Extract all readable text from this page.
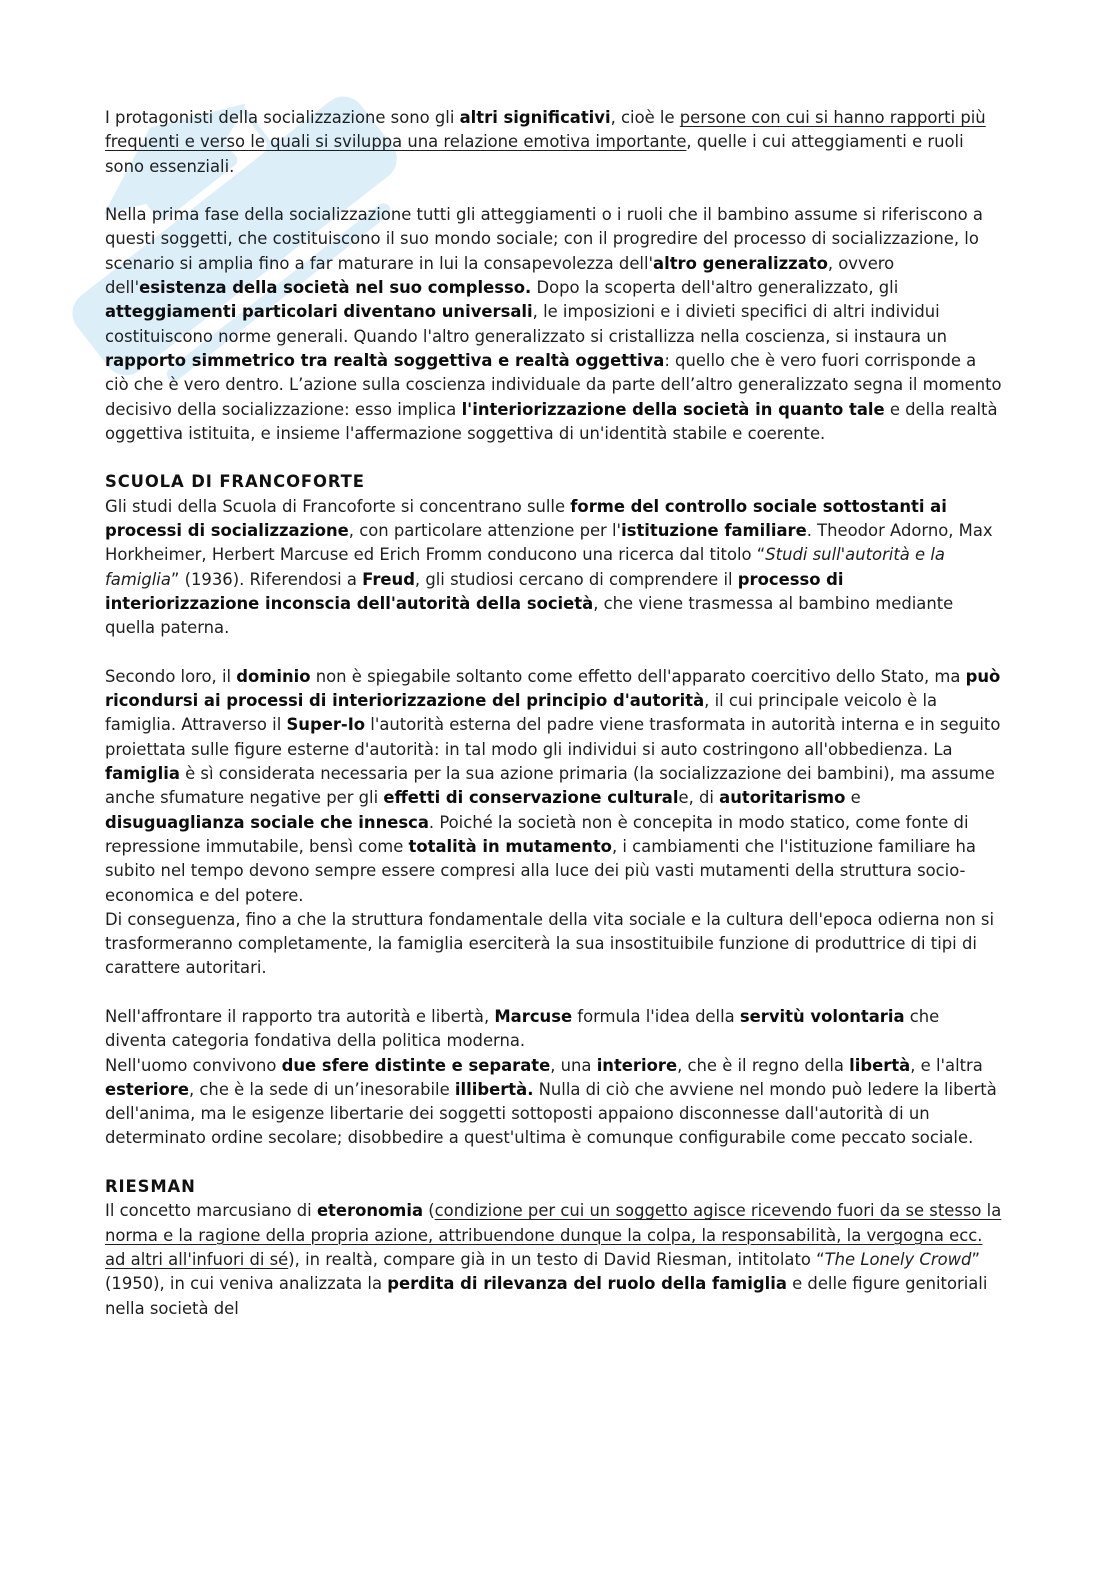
I protagonisti della socializzazione sono gli altri significativi, cioè le persone con cui si hanno rapporti più frequenti e verso le quali si sviluppa una relazione emotiva importante, quelle i cui atteggiamenti e ruoli sono essenziali.

Nella prima fase della socializzazione tutti gli atteggiamenti o i ruoli che il bambino assume si riferiscono a questi soggetti, che costituiscono il suo mondo sociale; con il progredire del processo di socializzazione, lo scenario si amplia fino a far maturare in lui la consapevolezza dell'altro generalizzato, ovvero dell'esistenza della società nel suo complesso. Dopo la scoperta dell'altro generalizzato, gli atteggiamenti particolari diventano universali, le imposizioni e i divieti specifici di altri individui costituiscono norme generali. Quando l'altro generalizzato si cristallizza nella coscienza, si instaura un rapporto simmetrico tra realtà soggettiva e realtà oggettiva: quello che è vero fuori corrisponde a ciò che è vero dentro. L’azione sulla coscienza individuale da parte dell’altro generalizzato segna il momento decisivo della socializzazione: esso implica l'interiorizzazione della società in quanto tale e della realtà oggettiva istituita, e insieme l'affermazione soggettiva di un'identità stabile e coerente.

SCUOLA DI FRANCOFORTE

Gli studi della Scuola di Francoforte si concentrano sulle forme del controllo sociale sottostanti ai processi di socializzazione, con particolare attenzione per l'istituzione familiare. Theodor Adorno, Max Horkheimer, Herbert Marcuse ed Erich Fromm conducono una ricerca dal titolo “Studi sull'autorità e la famiglia” (1936). Riferendosi a Freud, gli studiosi cercano di comprendere il processo di interiorizzazione inconscia dell'autorità della società, che viene trasmessa al bambino mediante quella paterna.

Secondo loro, il dominio non è spiegabile soltanto come effetto dell'apparato coercitivo dello Stato, ma può ricondursi ai processi di interiorizzazione del principio d'autorità, il cui principale veicolo è la famiglia. Attraverso il Super-Io l'autorità esterna del padre viene trasformata in autorità interna e in seguito proiettata sulle figure esterne d'autorità: in tal modo gli individui si auto costringono all'obbedienza. La famiglia è sì considerata necessaria per la sua azione primaria (la socializzazione dei bambini), ma assume anche sfumature negative per gli effetti di conservazione culturale, di autoritarismo e disuguaglianza sociale che innesca. Poiché la società non è concepita in modo statico, come fonte di repressione immutabile, bensì come totalità in mutamento, i cambiamenti che l'istituzione familiare ha subito nel tempo devono sempre essere compresi alla luce dei più vasti mutamenti della struttura socio-economica e del potere.
Di conseguenza, fino a che la struttura fondamentale della vita sociale e la cultura dell'epoca odierna non si trasformeranno completamente, la famiglia eserciterà la sua insostituibile funzione di produttrice di tipi di carattere autoritari.

Nell'affrontare il rapporto tra autorità e libertà, Marcuse formula l'idea della servitù volontaria che diventa categoria fondativa della politica moderna.
Nell'uomo convivono due sfere distinte e separate, una interiore, che è il regno della libertà, e l'altra esteriore, che è la sede di un’inesorabile illibertà. Nulla di ciò che avviene nel mondo può ledere la libertà dell'anima, ma le esigenze libertarie dei soggetti sottoposti appaiono disconnesse dall'autorità di un determinato ordine secolare; disobbedire a quest'ultima è comunque configurabile come peccato sociale.

RIESMAN

Il concetto marcusiano di eteronomia (condizione per cui un soggetto agisce ricevendo fuori da se stesso la norma e la ragione della propria azione, attribuendone dunque la colpa, la responsabilità, la vergogna ecc. ad altri all'infuori di sé), in realtà, compare già in un testo di David Riesman, intitolato “The Lonely Crowd” (1950), in cui veniva analizzata la perdita di rilevanza del ruolo della famiglia e delle figure genitoriali nella società del
